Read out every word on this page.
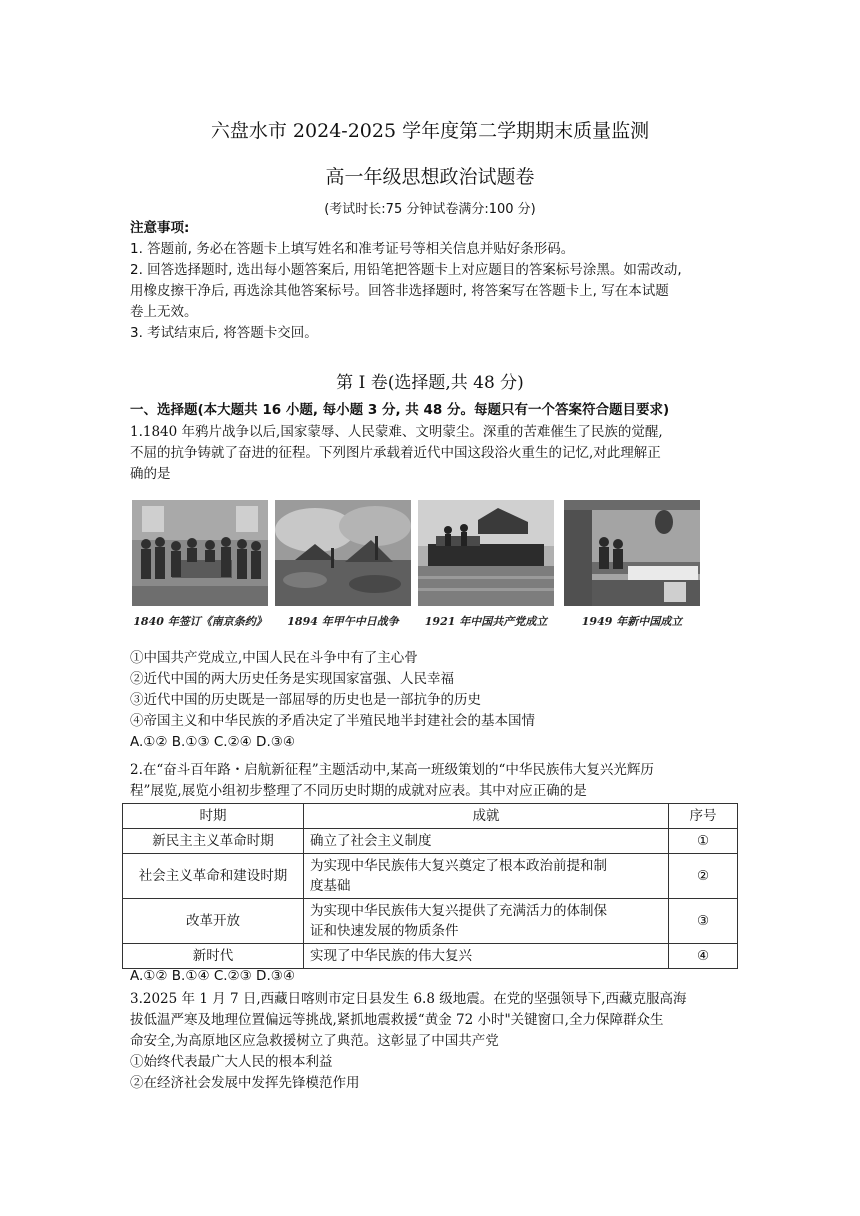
六盘水市 2024-2025 学年度第二学期期末质量监测
高一年级思想政治试题卷
(考试时长:75 分钟试卷满分:100 分)
注意事项:
1. 答题前, 务必在答题卡上填写姓名和准考证号等相关信息并贴好条形码。
2. 回答选择题时, 选出每小题答案后, 用铅笔把答题卡上对应题目的答案标号涂黑。如需改动,
用橡皮擦干净后, 再选涂其他答案标号。回答非选择题时, 将答案写在答题卡上, 写在本试题
卷上无效。
3. 考试结束后, 将答题卡交回。
第 Ⅰ 卷(选择题,共 48 分)
一、选择题(本大题共 16 小题, 每小题 3 分, 共 48 分。每题只有一个答案符合题目要求)
1.1840 年鸦片战争以后,国家蒙辱、人民蒙难、文明蒙尘。深重的苦难催生了民族的觉醒,
不屈的抗争铸就了奋进的征程。下列图片承载着近代中国这段浴火重生的记忆,对此理解正
确的是
1840 年签订《南京条约》	1894 年甲午中日战争	1921 年中国共产党成立	1949 年新中国成立
①中国共产党成立,中国人民在斗争中有了主心骨
②近代中国的两大历史任务是实现国家富强、人民幸福
③近代中国的历史既是一部屈辱的历史也是一部抗争的历史
④帝国主义和中华民族的矛盾决定了半殖民地半封建社会的基本国情
A.①② B.①③ C.②④ D.③④
2.在“奋斗百年路・启航新征程”主题活动中,某高一班级策划的“中华民族伟大复兴光辉历
程”展览,展览小组初步整理了不同历史时期的成就对应表。其中对应正确的是
时期	成就	序号
新民主主义革命时期	确立了社会主义制度	①
社会主义革命和建设时期	为实现中华民族伟大复兴奠定了根本政治前提和制
度基础	②
改革开放	为实现中华民族伟大复兴提供了充满活力的体制保
证和快速发展的物质条件	③
新时代	实现了中华民族的伟大复兴	④
A.①② B.①④ C.②③ D.③④
3.2025 年 1 月 7 日,西藏日喀则市定日县发生 6.8 级地震。在党的坚强领导下,西藏克服高海
拔低温严寒及地理位置偏远等挑战,紧抓地震救援“黄金 72 小时"关键窗口,全力保障群众生
命安全,为高原地区应急救援树立了典范。这彰显了中国共产党
①始终代表最广大人民的根本利益
②在经济社会发展中发挥先锋模范作用
